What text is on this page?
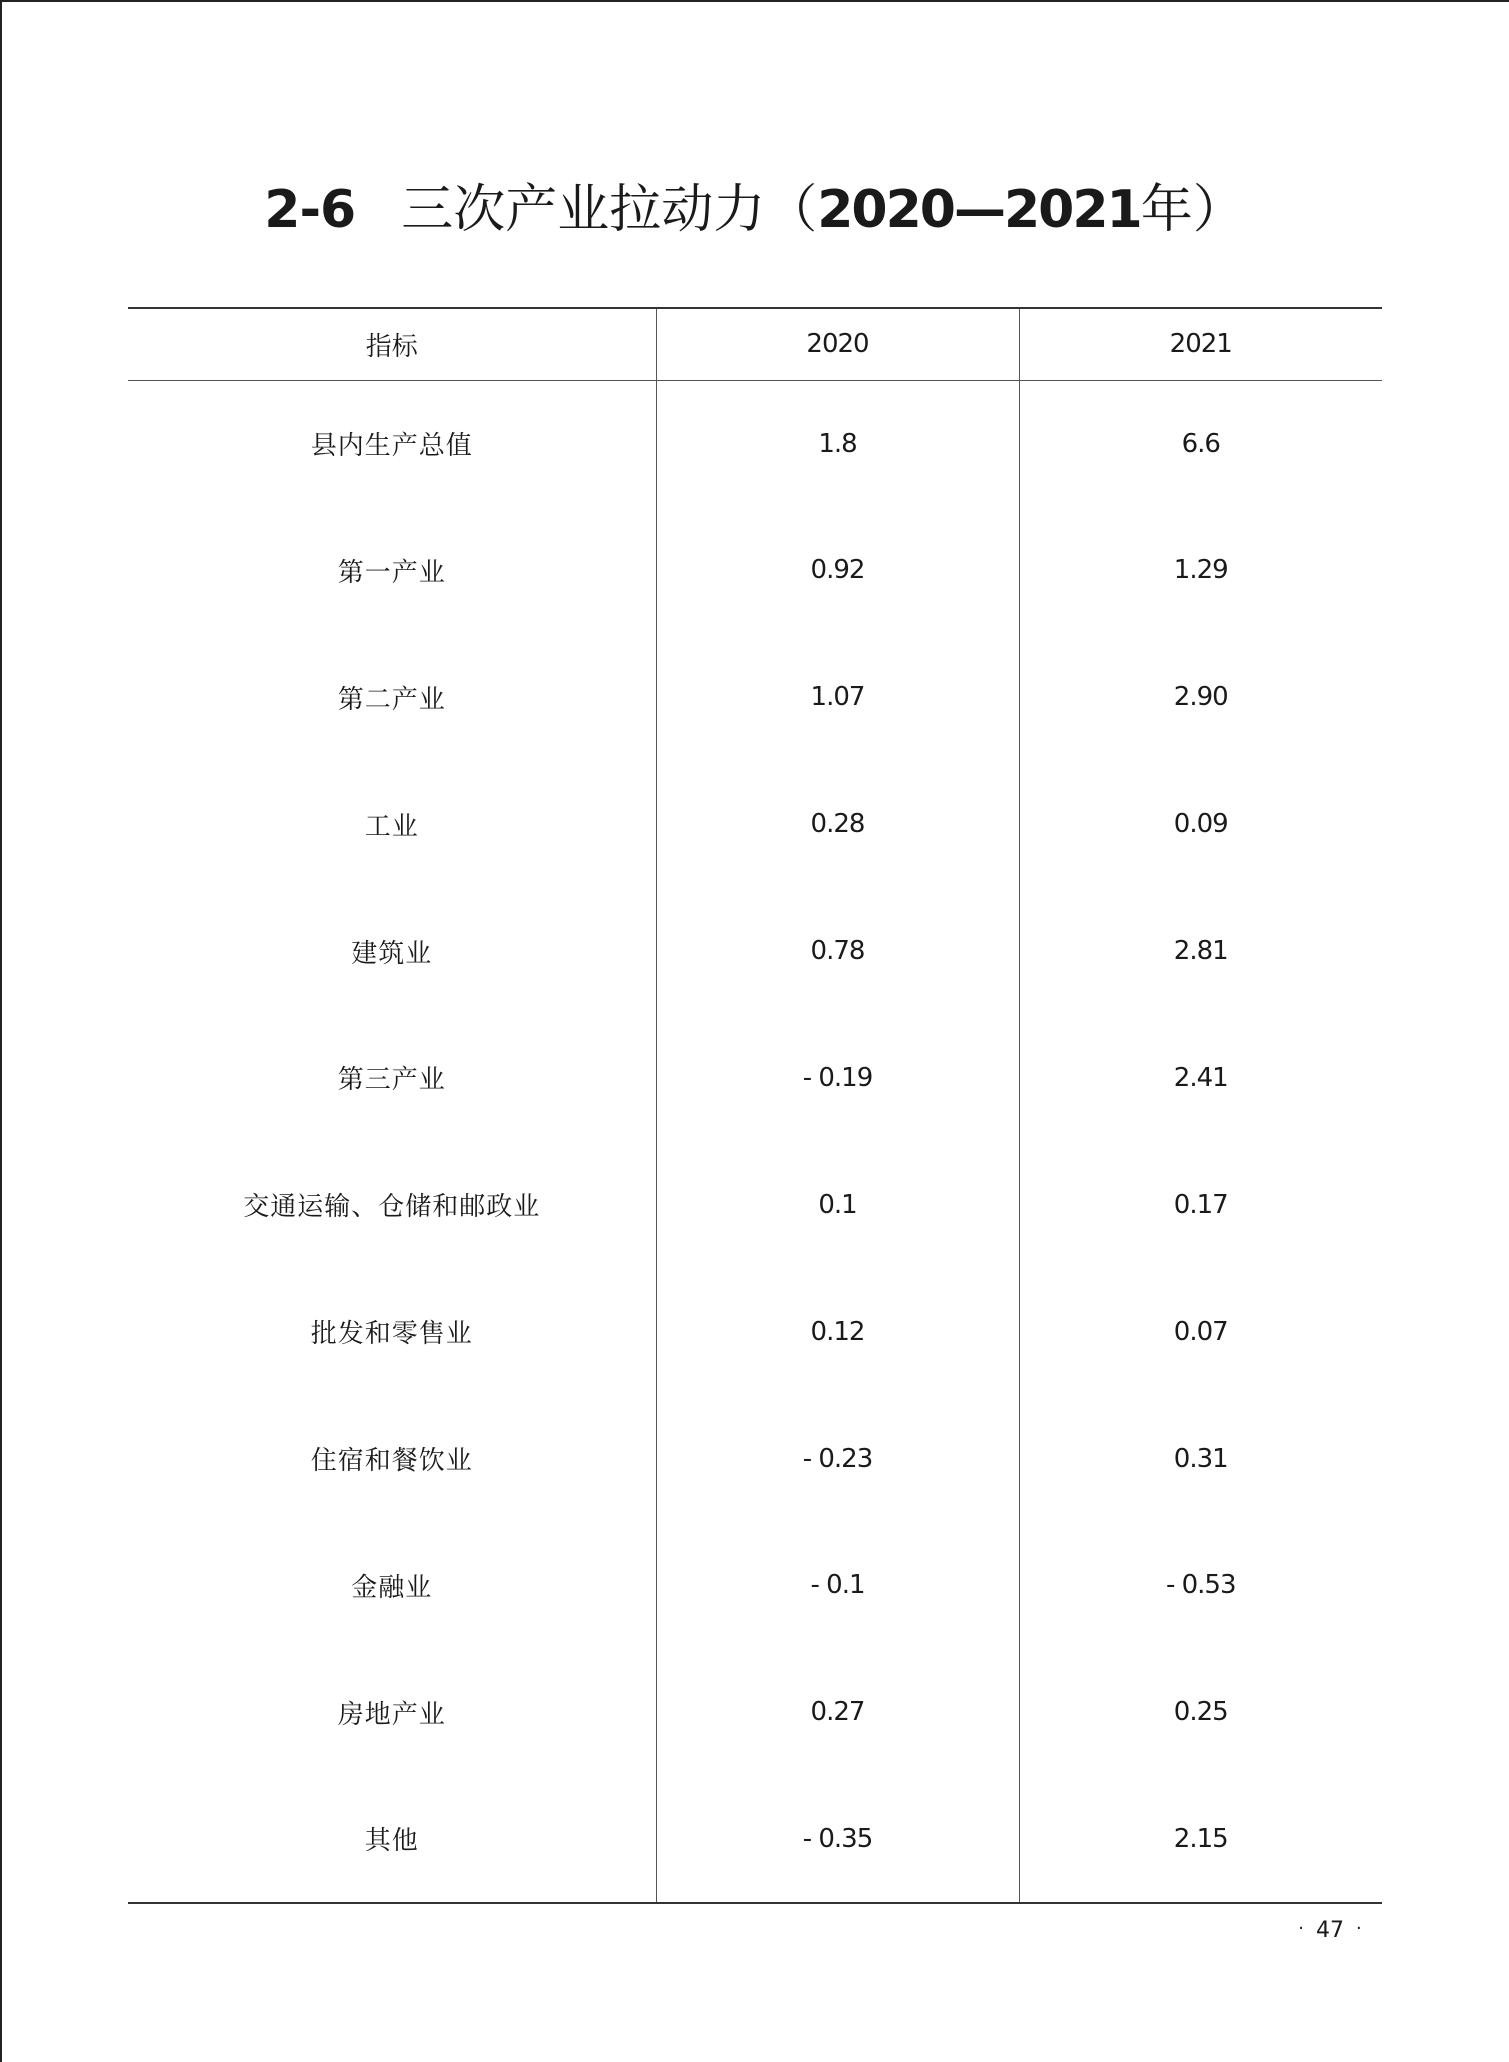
2-6 三次产业拉动力（2020—2021年）
指标	2020	2021
县内生产总值	1.8	6.6
第一产业	0.92	1.29
第二产业	1.07	2.90
工业	0.28	0.09
建筑业	0.78	2.81
第三产业	- 0.19	2.41
交通运输、仓储和邮政业	0.1	0.17
批发和零售业	0.12	0.07
住宿和餐饮业	- 0.23	0.31
金融业	- 0.1	- 0.53
房地产业	0.27	0.25
其他	- 0.35	2.15
· 47 ·
